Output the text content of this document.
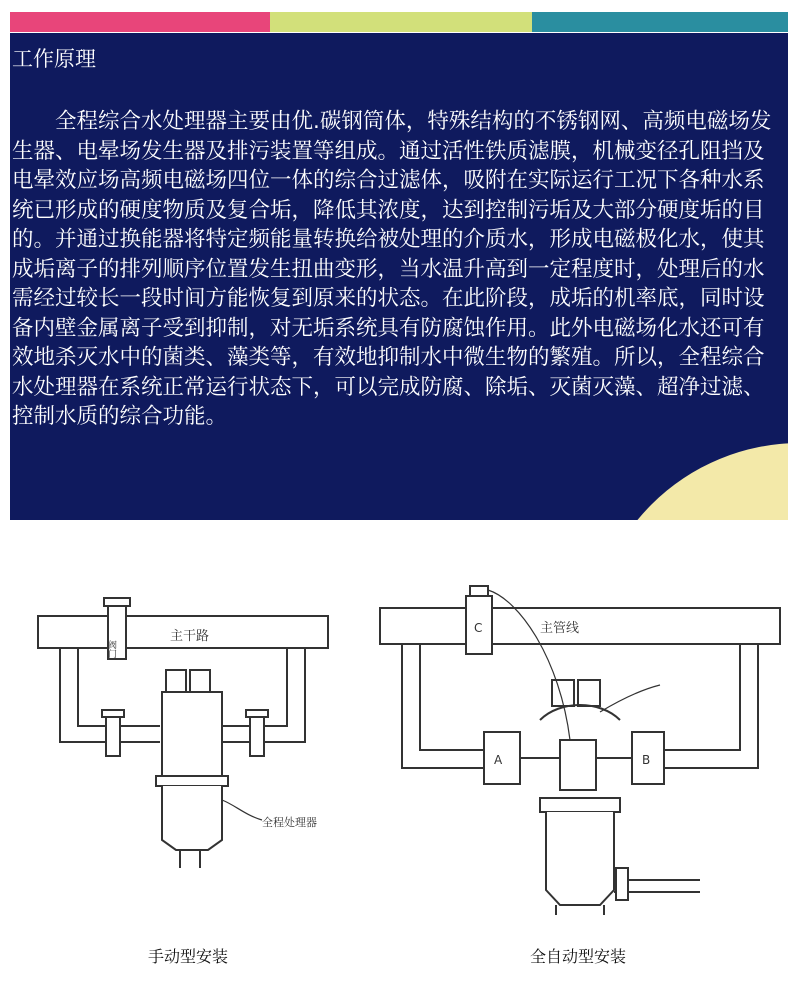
工作原理

全程综合水处理器主要由优.碳钢筒体，特殊结构的不锈钢网、高频电磁场发生器、电晕场发生器及排污装置等组成。通过活性铁质滤膜，机械变径孔阻挡及电晕效应场高频电磁场四位一体的综合过滤体，吸附在实际运行工况下各种水系统已形成的硬度物质及复合垢，降低其浓度，达到控制污垢及大部分硬度垢的目的。并通过换能器将特定频能量转换给被处理的介质水，形成电磁极化水，使其成垢离子的排列顺序位置发生扭曲变形，当水温升高到一定程度时，处理后的水需经过较长一段时间方能恢复到原来的状态。在此阶段，成垢的机率底，同时设备内壁金属离子受到抑制，对无垢系统具有防腐蚀作用。此外电磁场化水还可有效地杀灭水中的菌类、藻类等，有效地抑制水中微生物的繁殖。所以，全程综合水处理器在系统正常运行状态下，可以完成防腐、除垢、灭菌灭藻、超净过滤、控制水质的综合功能。

主干路
阀门
全程处理器
主管线
C
A	B
手动型安装	全自动型安装
